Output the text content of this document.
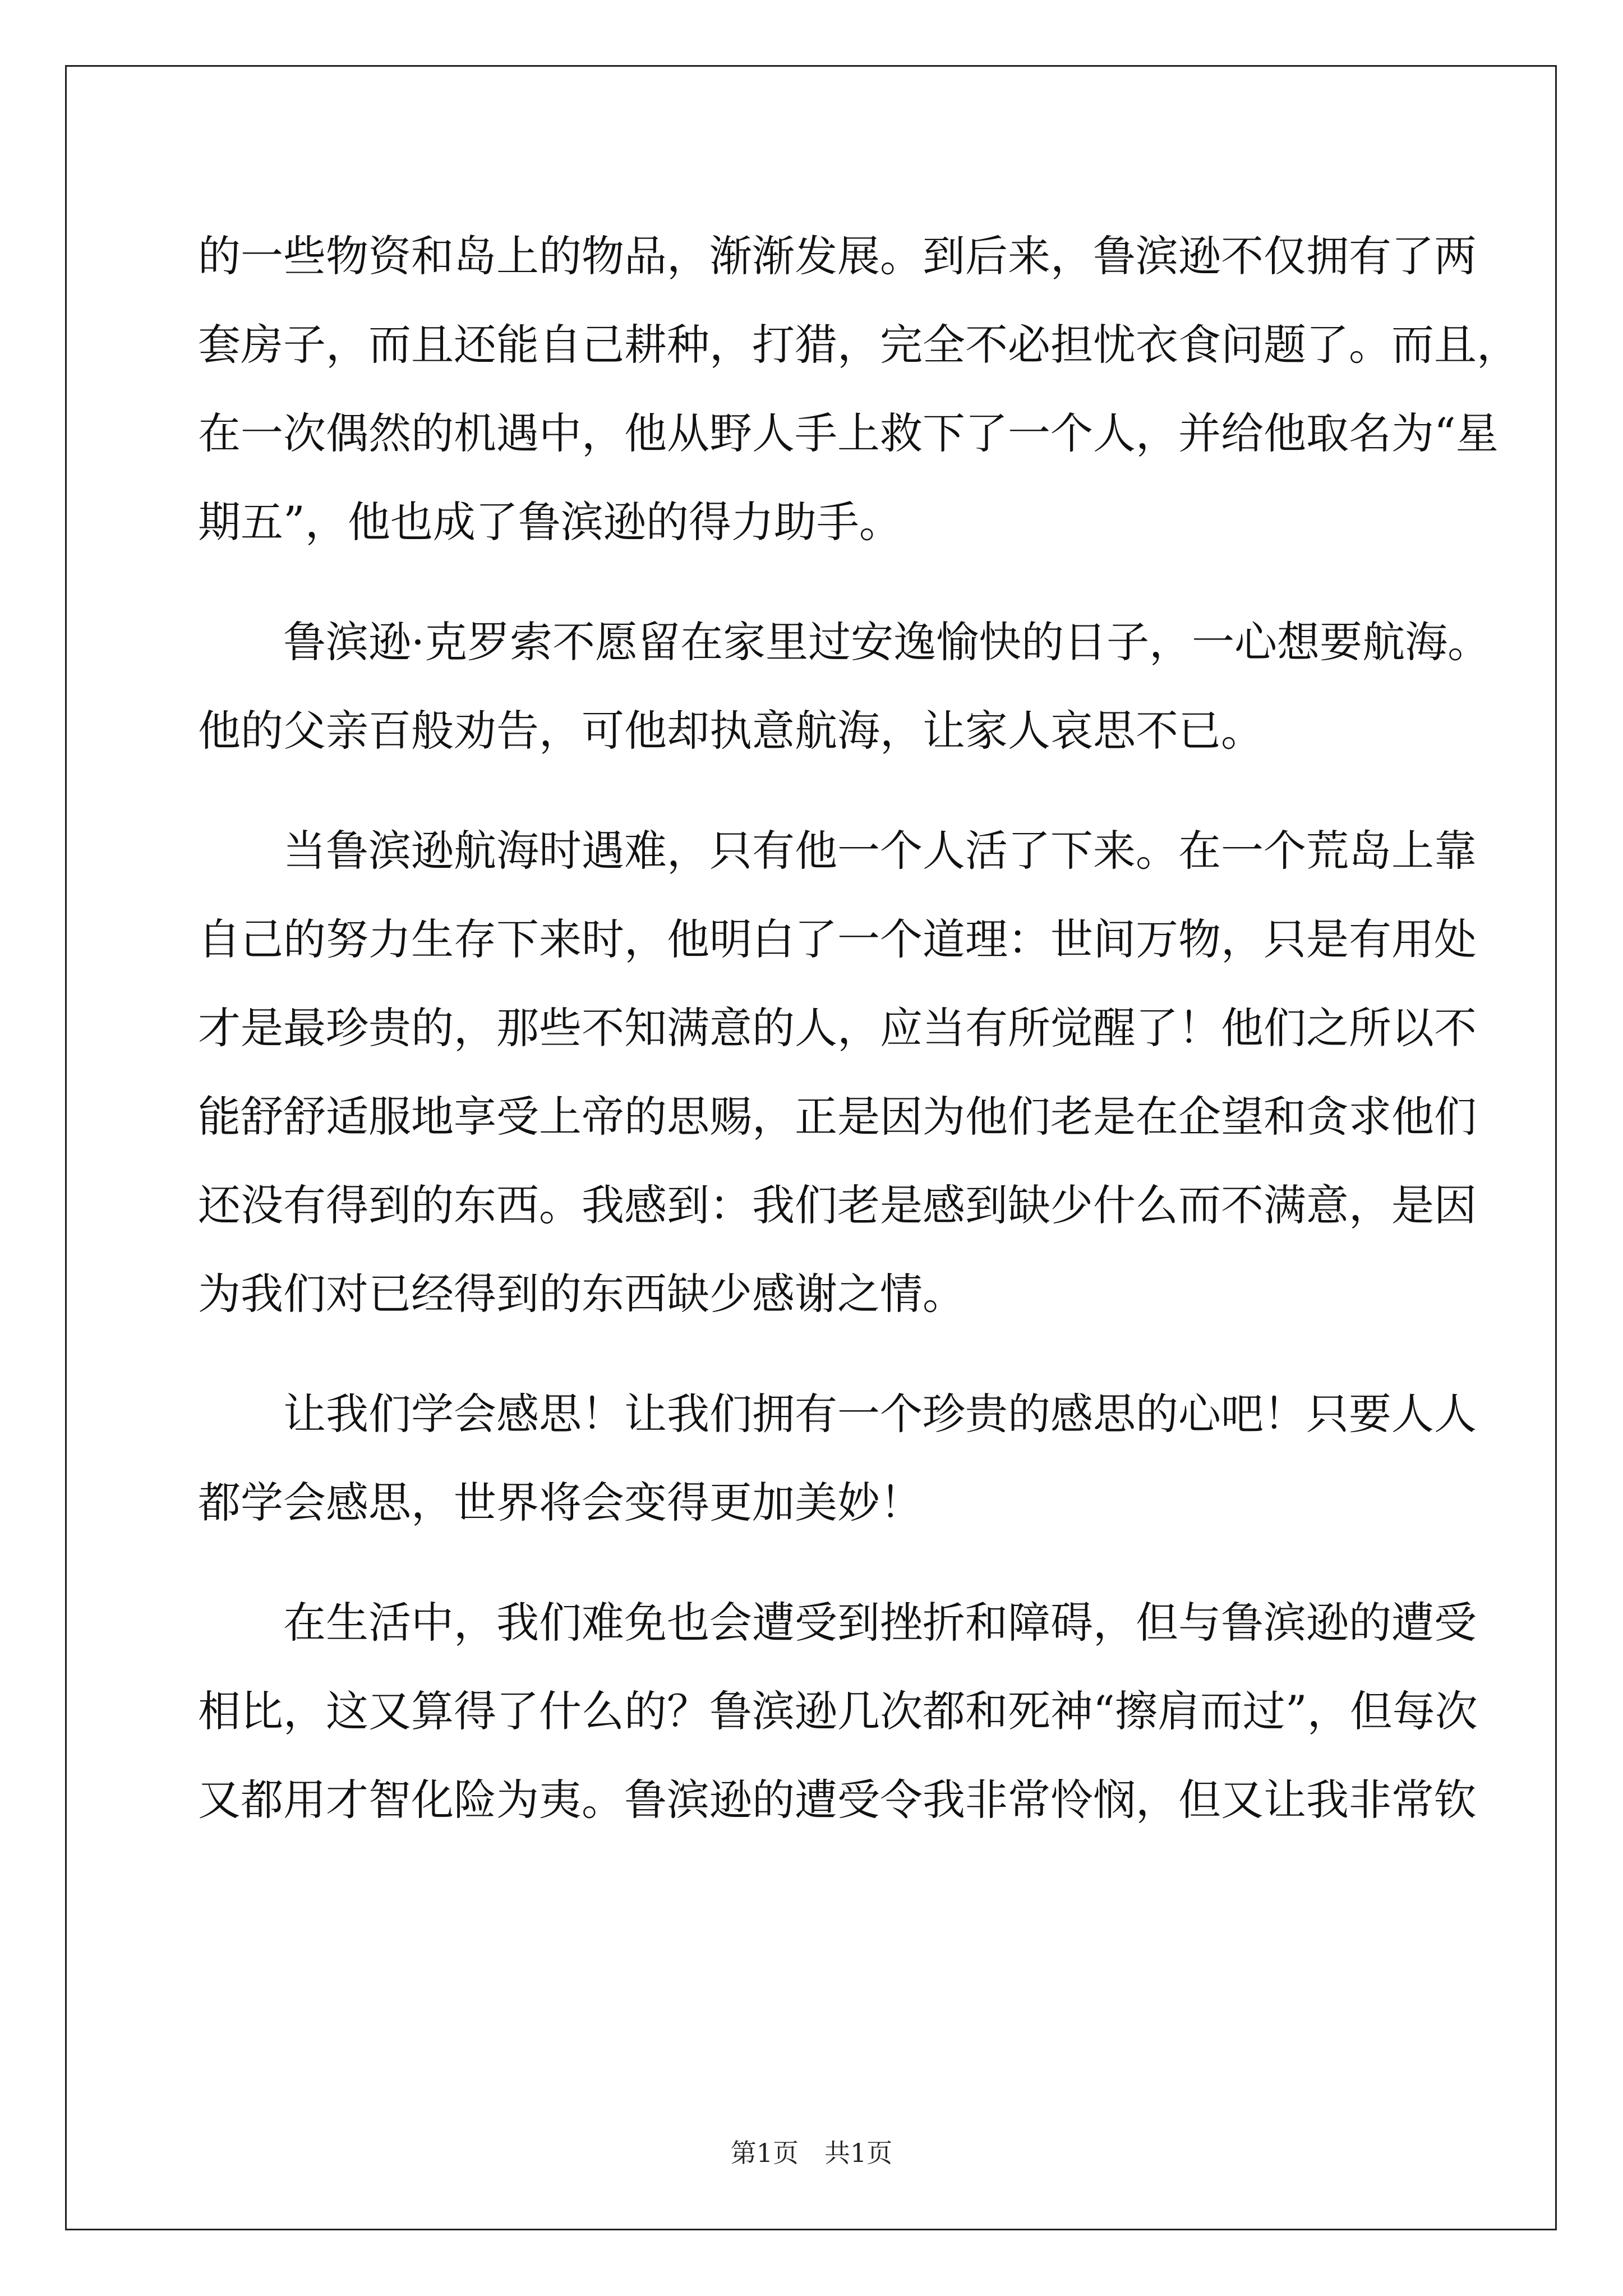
的一些物资和岛上的物品，渐渐发展。到后来，鲁滨逊不仅拥有了两
套房子，而且还能自己耕种，打猎，完全不必担忧衣食问题了。而且，
在一次偶然的机遇中，他从野人手上救下了一个人，并给他取名为“星
期五”，他也成了鲁滨逊的得力助手。
鲁滨逊·克罗索不愿留在家里过安逸愉快的日子，一心想要航海。
他的父亲百般劝告，可他却执意航海，让家人哀思不已。
当鲁滨逊航海时遇难，只有他一个人活了下来。在一个荒岛上靠
自己的努力生存下来时，他明白了一个道理：世间万物，只是有用处
才是最珍贵的，那些不知满意的人，应当有所觉醒了！他们之所以不
能舒舒适服地享受上帝的思赐，正是因为他们老是在企望和贪求他们
还没有得到的东西。我感到：我们老是感到缺少什么而不满意，是因
为我们对已经得到的东西缺少感谢之情。
让我们学会感思！让我们拥有一个珍贵的感思的心吧！只要人人
都学会感思，世界将会变得更加美妙！
在生活中，我们难免也会遭受到挫折和障碍，但与鲁滨逊的遭受
相比，这又算得了什么的？鲁滨逊几次都和死神“擦肩而过”，但每次
又都用才智化险为夷。鲁滨逊的遭受令我非常怜悯，但又让我非常钦
第1页　共1页
